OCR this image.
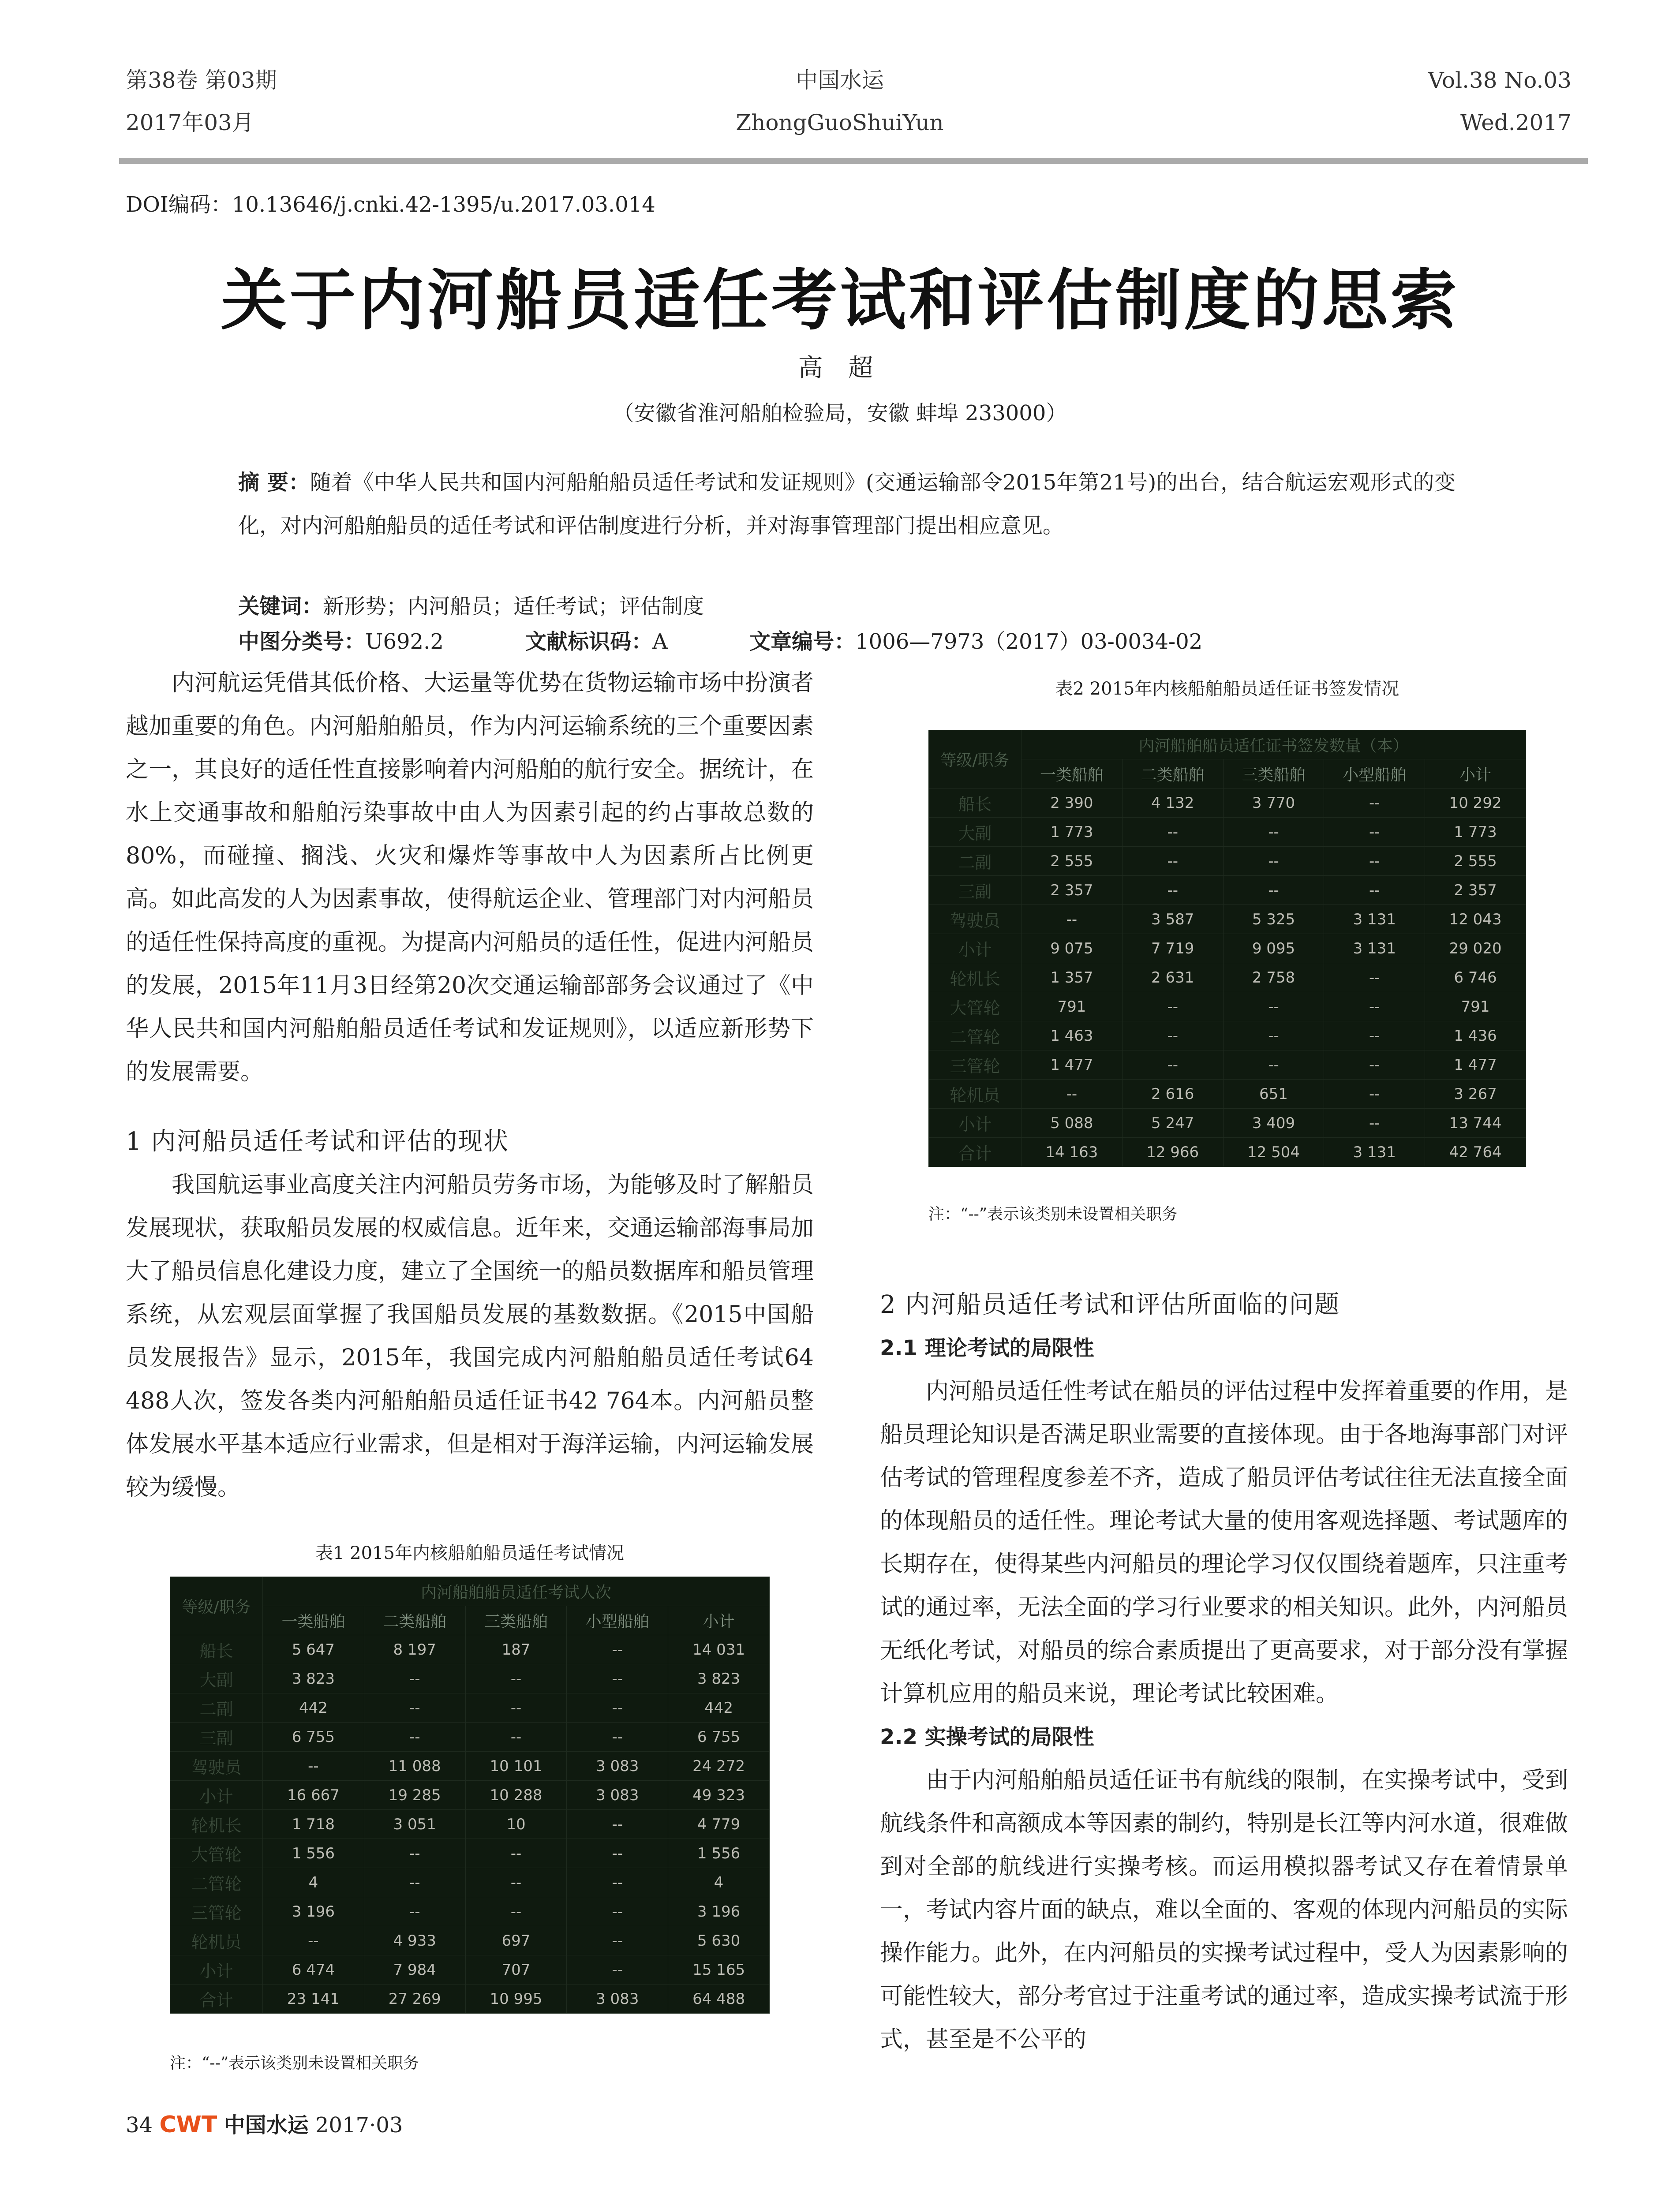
第38卷 第03期
2017年03月
中国水运
ZhongGuoShuiYun
Vol.38 No.03
Wed.2017
DOI编码：10.13646/j.cnki.42-1395/u.2017.03.014
关于内河船员适任考试和评估制度的思索
高 超
（安徽省淮河船舶检验局，安徽 蚌埠 233000）
摘 要：随着《中华人民共和国内河船舶船员适任考试和发证规则》(交通运输部令2015年第21号)的出台，结合航运宏观形式的变化，对内河船舶船员的适任考试和评估制度进行分析，并对海事管理部门提出相应意见。
关键词：新形势；内河船员；适任考试；评估制度
中图分类号：U692.2	文献标识码：A	文章编号：1006—7973（2017）03-0034-02

内河航运凭借其低价格、大运量等优势在货物运输市场中扮演者越加重要的角色。内河船舶船员，作为内河运输系统的三个重要因素之一，其良好的适任性直接影响着内河船舶的航行安全。据统计，在水上交通事故和船舶污染事故中由人为因素引起的约占事故总数的80%，而碰撞、搁浅、火灾和爆炸等事故中人为因素所占比例更高。如此高发的人为因素事故，使得航运企业、管理部门对内河船员的适任性保持高度的重视。为提高内河船员的适任性，促进内河船员的发展，2015年11月3日经第20次交通运输部部务会议通过了《中华人民共和国内河船舶船员适任考试和发证规则》，以适应新形势下的发展需要。

1 内河船员适任考试和评估的现状

我国航运事业高度关注内河船员劳务市场，为能够及时了解船员发展现状，获取船员发展的权威信息。近年来，交通运输部海事局加大了船员信息化建设力度，建立了全国统一的船员数据库和船员管理系统，从宏观层面掌握了我国船员发展的基数数据。《2015中国船员发展报告》显示，2015年，我国完成内河船舶船员适任考试64 488人次，签发各类内河船舶船员适任证书42 764本。内河船员整体发展水平基本适应行业需求，但是相对于海洋运输，内河运输发展较为缓慢。

表1 2015年内核船舶船员适任考试情况
等级/职务	内河船舶船员适任考试人次				
	一类船舶	二类船舶	三类船舶	小型船舶	小计
船长	5 647	8 197	187	--	14 031
大副	3 823	--	--	--	3 823
二副	442	--	--	--	442
三副	6 755	--	--	--	6 755
驾驶员	--	11 088	10 101	3 083	24 272
小计	16 667	19 285	10 288	3 083	49 323
轮机长	1 718	3 051	10	--	4 779
大管轮	1 556	--	--	--	1 556
二管轮	4	--	--	--	4
三管轮	3 196	--	--	--	3 196
轮机员	--	4 933	697	--	5 630
小计	6 474	7 984	707	--	15 165
合计	23 141	27 269	10 995	3 083	64 488
注：“--”表示该类别未设置相关职务
表2 2015年内核船舶船员适任证书签发情况
等级/职务	内河船舶船员适任证书签发数量（本）				
	一类船舶	二类船舶	三类船舶	小型船舶	小计
船长	2 390	4 132	3 770	--	10 292
大副	1 773	--	--	--	1 773
二副	2 555	--	--	--	2 555
三副	2 357	--	--	--	2 357
驾驶员	--	3 587	5 325	3 131	12 043
小计	9 075	7 719	9 095	3 131	29 020
轮机长	1 357	2 631	2 758	--	6 746
大管轮	791	--	--	--	791
二管轮	1 463	--	--	--	1 436
三管轮	1 477	--	--	--	1 477
轮机员	--	2 616	651	--	3 267
小计	5 088	5 247	3 409	--	13 744
合计	14 163	12 966	12 504	3 131	42 764
注：“--”表示该类别未设置相关职务

2 内河船员适任考试和评估所面临的问题

2.1 理论考试的局限性

内河船员适任性考试在船员的评估过程中发挥着重要的作用，是船员理论知识是否满足职业需要的直接体现。由于各地海事部门对评估考试的管理程度参差不齐，造成了船员评估考试往往无法直接全面的体现船员的适任性。理论考试大量的使用客观选择题、考试题库的长期存在，使得某些内河船员的理论学习仅仅围绕着题库，只注重考试的通过率，无法全面的学习行业要求的相关知识。此外，内河船员无纸化考试，对船员的综合素质提出了更高要求，对于部分没有掌握计算机应用的船员来说，理论考试比较困难。

2.2 实操考试的局限性

由于内河船舶船员适任证书有航线的限制，在实操考试中，受到航线条件和高额成本等因素的制约，特别是长江等内河水道，很难做到对全部的航线进行实操考核。而运用模拟器考试又存在着情景单一，考试内容片面的缺点，难以全面的、客观的体现内河船员的实际操作能力。此外，在内河船员的实操考试过程中，受人为因素影响的可能性较大，部分考官过于注重考试的通过率，造成实操考试流于形式，甚至是不公平的

34 CWT 中国水运 2017·03
